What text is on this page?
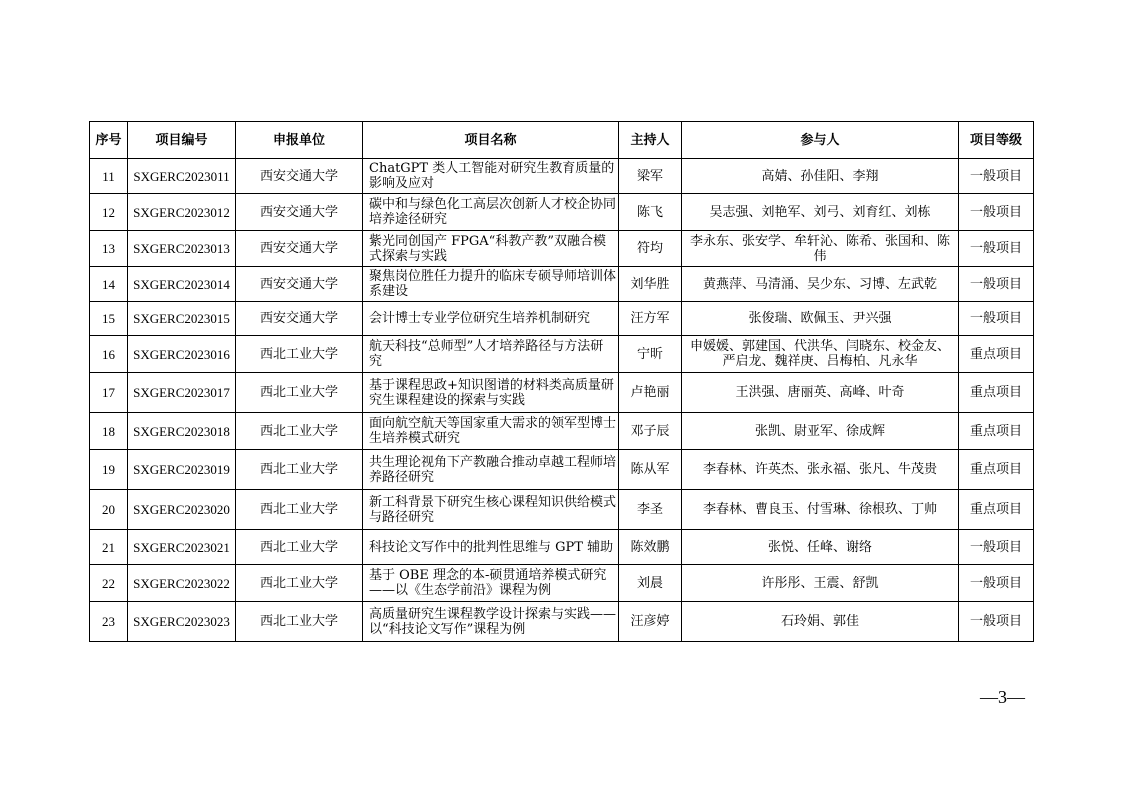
序号	项目编号	申报单位	项目名称	主持人	参与人	项目等级
11	SXGERC2023011	西安交通大学	ChatGPT 类人工智能对研究生教育质量的影响及应对	梁军	高婧、孙佳阳、李翔	一般项目
12	SXGERC2023012	西安交通大学	碳中和与绿色化工高层次创新人才校企协同培养途径研究	陈飞	吴志强、刘艳军、刘弓、刘育红、刘栋	一般项目
13	SXGERC2023013	西安交通大学	紫光同创国产 FPGA“科教产教”双融合模式探索与实践	符均	李永东、张安学、牟轩沁、陈希、张国和、陈伟	一般项目
14	SXGERC2023014	西安交通大学	聚焦岗位胜任力提升的临床专硕导师培训体系建设	刘华胜	黄燕萍、马清涌、吴少东、习博、左武乾	一般项目
15	SXGERC2023015	西安交通大学	会计博士专业学位研究生培养机制研究	汪方军	张俊瑞、欧佩玉、尹兴强	一般项目
16	SXGERC2023016	西北工业大学	航天科技“总师型”人才培养路径与方法研究	宁昕	申媛媛、郭建国、代洪华、闫晓东、校金友、严启龙、魏祥庚、吕梅柏、凡永华	重点项目
17	SXGERC2023017	西北工业大学	基于课程思政+知识图谱的材料类高质量研究生课程建设的探索与实践	卢艳丽	王洪强、唐丽英、高峰、叶奇	重点项目
18	SXGERC2023018	西北工业大学	面向航空航天等国家重大需求的领军型博士生培养模式研究	邓子辰	张凯、尉亚军、徐成辉	重点项目
19	SXGERC2023019	西北工业大学	共生理论视角下产教融合推动卓越工程师培养路径研究	陈从军	李春林、许英杰、张永福、张凡、牛茂贵	重点项目
20	SXGERC2023020	西北工业大学	新工科背景下研究生核心课程知识供给模式与路径研究	李圣	李春林、曹良玉、付雪琳、徐根玖、丁帅	重点项目
21	SXGERC2023021	西北工业大学	科技论文写作中的批判性思维与 GPT 辅助	陈效鹏	张悦、任峰、谢络	一般项目
22	SXGERC2023022	西北工业大学	基于 OBE 理念的本-硕贯通培养模式研究——以《生态学前沿》课程为例	刘晨	许彤彤、王震、舒凯	一般项目
23	SXGERC2023023	西北工业大学	高质量研究生课程教学设计探索与实践——以“科技论文写作”课程为例	汪彦婷	石玲娟、郭佳	一般项目
—3—
